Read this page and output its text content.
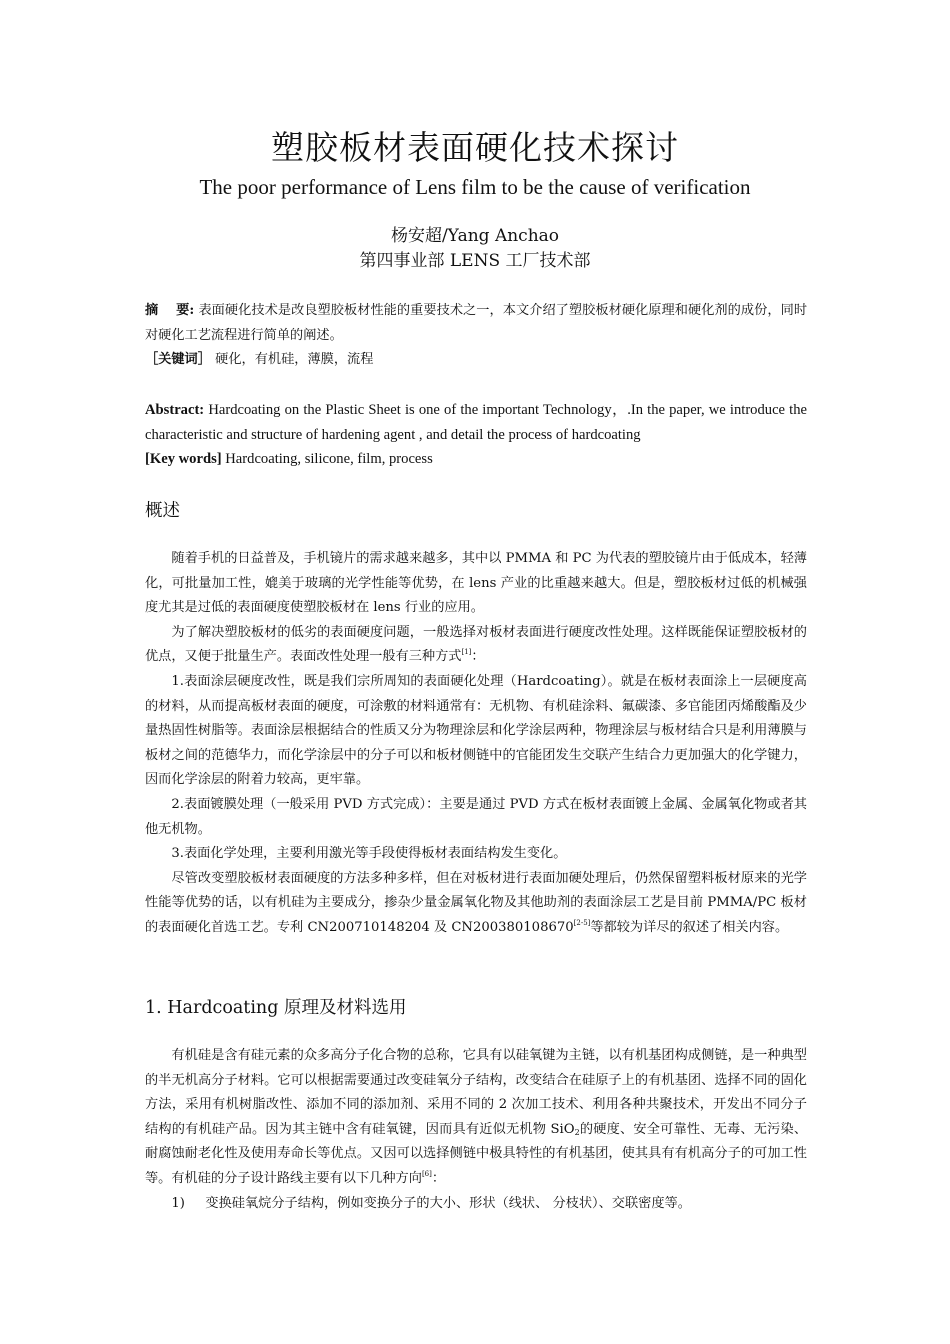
塑胶板材表面硬化技术探讨
The poor performance of Lens film to be the cause of verification
杨安超/Yang Anchao
第四事业部 LENS 工厂技术部

摘　 要: 表面硬化技术是改良塑胶板材性能的重要技术之一，本文介绍了塑胶板材硬化原理和硬化剂的成份，同时对硬化工艺流程进行简单的阐述。

［关键词］ 硬化，有机硅，薄膜，流程

Abstract: Hardcoating on the Plastic Sheet is one of the important Technology，.In the paper, we introduce the characteristic and structure of hardening agent , and detail the process of hardcoating

[Key words] Hardcoating, silicone, film, process

概述

随着手机的日益普及，手机镜片的需求越来越多，其中以 PMMA 和 PC 为代表的塑胶镜片由于低成本，轻薄化，可批量加工性，媲美于玻璃的光学性能等优势，在 lens 产业的比重越来越大。但是，塑胶板材过低的机械强度尤其是过低的表面硬度使塑胶板材在 lens 行业的应用。

为了解决塑胶板材的低劣的表面硬度问题，一般选择对板材表面进行硬度改性处理。这样既能保证塑胶板材的优点，又便于批量生产。表面改性处理一般有三种方式[1]：

1.表面涂层硬度改性，既是我们宗所周知的表面硬化处理（Hardcoating）。就是在板材表面涂上一层硬度高的材料，从而提高板材表面的硬度，可涂敷的材料通常有：无机物、有机硅涂料、氟碳漆、多官能团丙烯酸酯及少量热固性树脂等。表面涂层根据结合的性质又分为物理涂层和化学涂层两种，物理涂层与板材结合只是利用薄膜与板材之间的范德华力，而化学涂层中的分子可以和板材侧链中的官能团发生交联产生结合力更加强大的化学键力，因而化学涂层的附着力较高，更牢靠。

2.表面镀膜处理（一般采用 PVD 方式完成）：主要是通过 PVD 方式在板材表面镀上金属、金属氧化物或者其他无机物。

3.表面化学处理，主要利用激光等手段使得板材表面结构发生变化。

尽管改变塑胶板材表面硬度的方法多种多样，但在对板材进行表面加硬处理后，仍然保留塑料板材原来的光学性能等优势的话，以有机硅为主要成分，掺杂少量金属氧化物及其他助剂的表面涂层工艺是目前 PMMA/PC 板材的表面硬化首选工艺。专利 CN200710148204 及 CN200380108670[2-5]等都较为详尽的叙述了相关内容。

1. Hardcoating 原理及材料选用

有机硅是含有硅元素的众多高分子化合物的总称，它具有以硅氧键为主链，以有机基团构成侧链，是一种典型的半无机高分子材料。它可以根据需要通过改变硅氧分子结构，改变结合在硅原子上的有机基团、选择不同的固化方法，采用有机树脂改性、添加不同的添加剂、采用不同的 2 次加工技术、利用各种共聚技术，开发出不同分子结构的有机硅产品。因为其主链中含有硅氧键，因而具有近似无机物 SiO$_2$的硬度、安全可靠性、无毒、无污染、耐腐蚀耐老化性及使用寿命长等优点。又因可以选择侧链中极具特性的有机基团，使其具有有机高分子的可加工性等。有机硅的分子设计路线主要有以下几种方向[6]：

1) 变换硅氧烷分子结构，例如变换分子的大小、形状（线状、 分枝状）、交联密度等。
